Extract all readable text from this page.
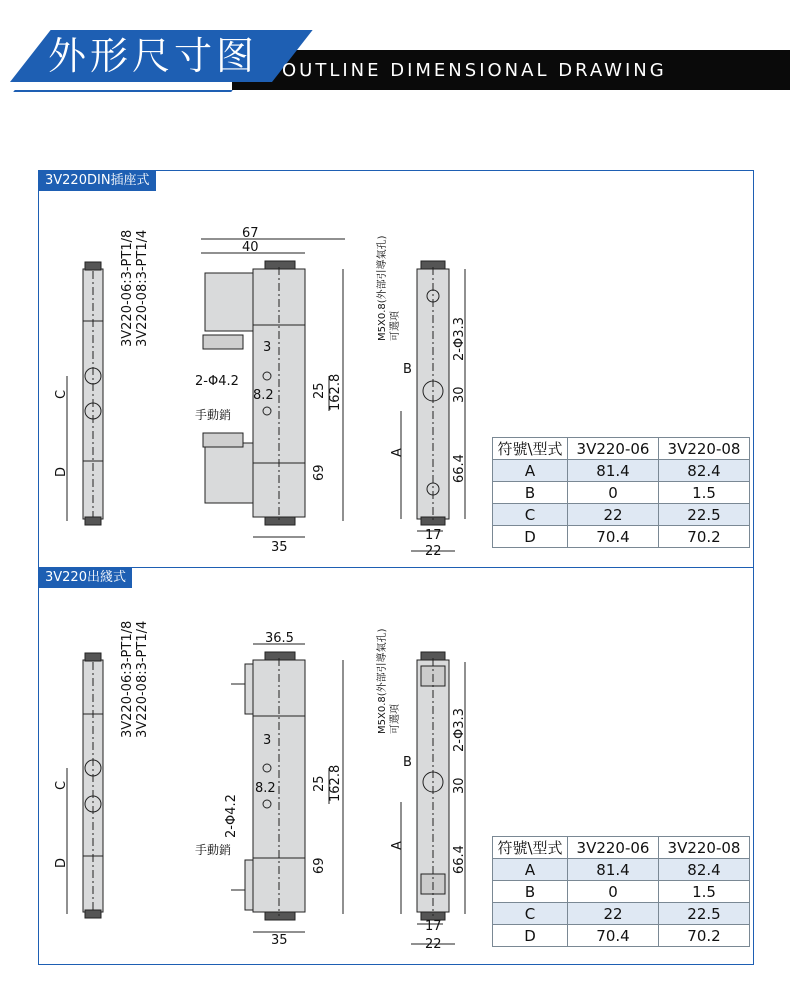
外形尺寸图 OUTLINE DIMENSIONAL DRAWING
3V220DIN插座式
3V220-06:3-PT1/8 3V220-08:3-PT1/4
C
D
67
40
3
2-Φ4.2
8.2	25 162.8
手動銷
69
35
M5X0.8(外部引導氣孔) 可選項	2-Φ3.3
B
30
A
66.4
17
22
符號\型式	3V220-06	3V220-08
A	81.4	82.4
B	0	1.5
C	22	22.5
D	70.4	70.2
3V220出綫式
3V220-06:3-PT1/8 3V220-08:3-PT1/4
C
D
36.5
3
2-Φ4.2
8.2	25 162.8
手動銷
69
35
M5X0.8(外部引導氣孔) 可選項	2-Φ3.3
B
30
A	66.4
17
22
符號\型式	3V220-06	3V220-08
A	81.4	82.4
B	0	1.5
C	22	22.5
D	70.4	70.2
